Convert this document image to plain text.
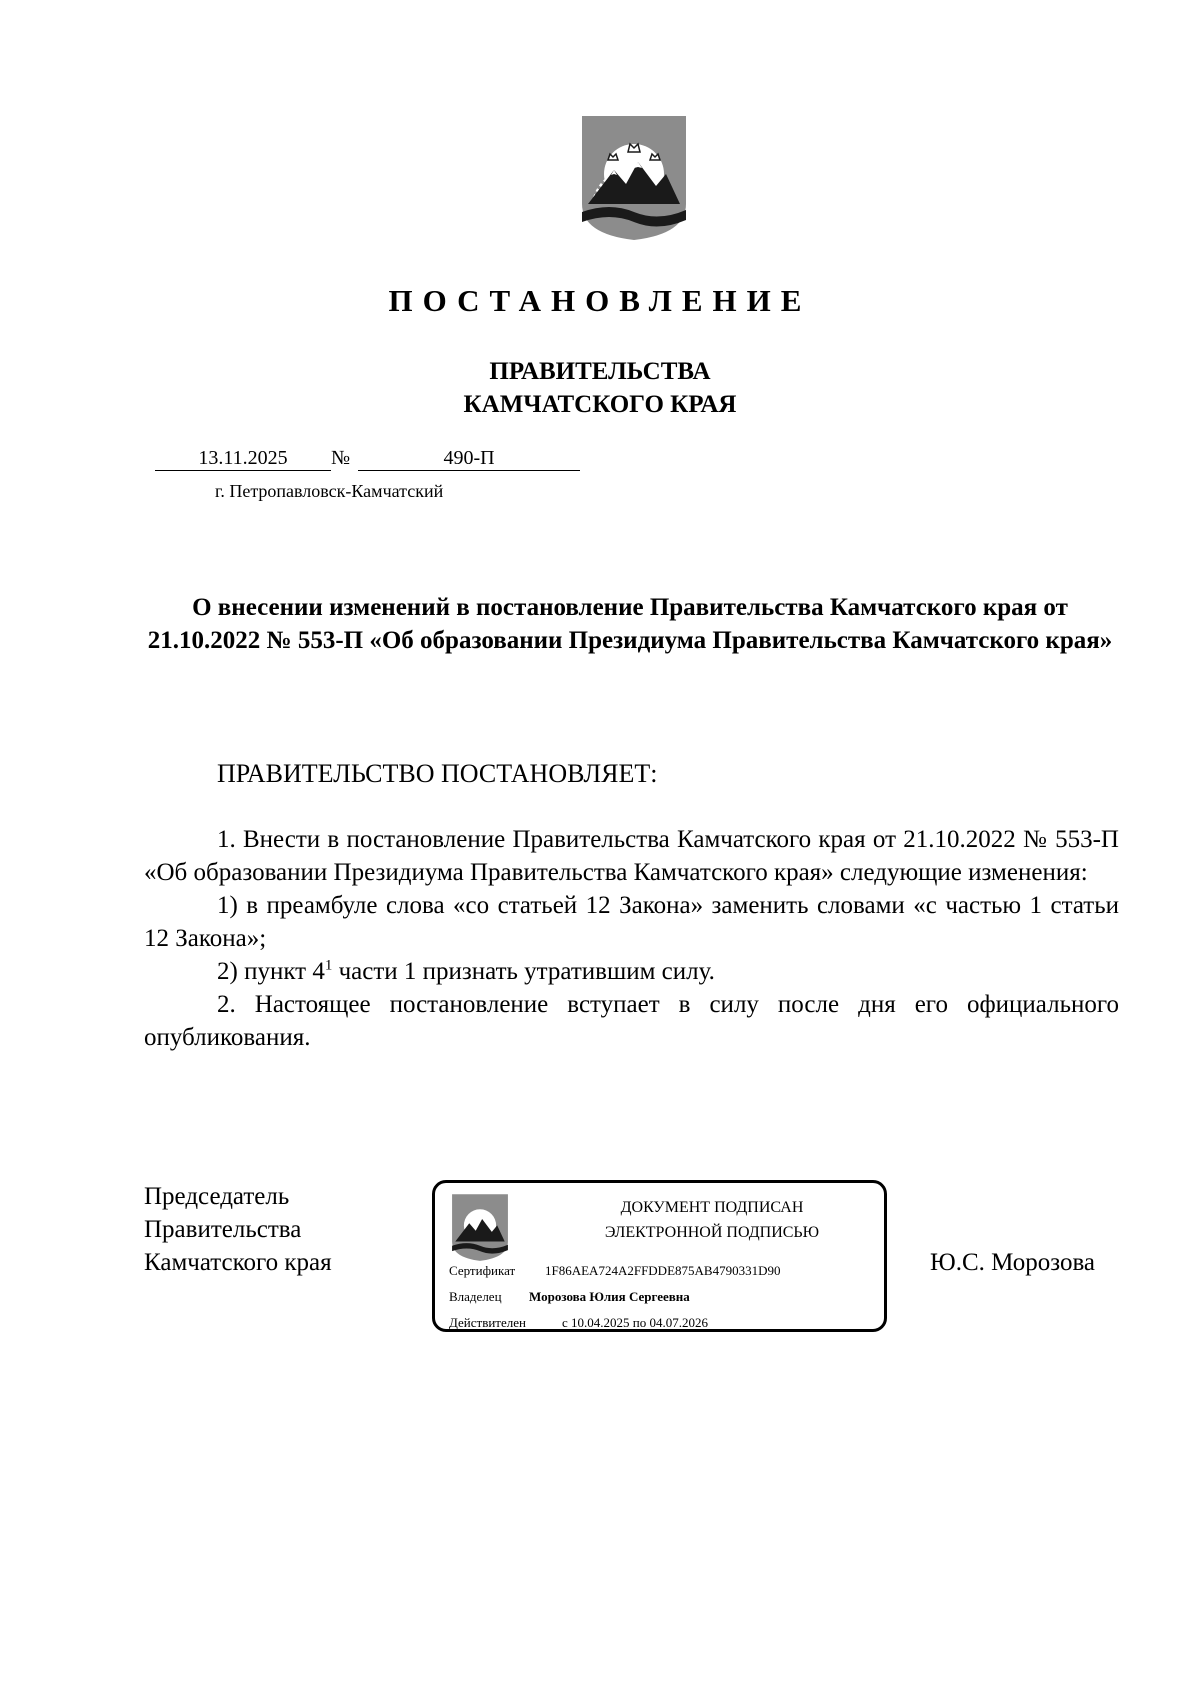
ПОСТАНОВЛЕНИЕ
ПРАВИТЕЛЬСТВА
КАМЧАТСКОГО КРАЯ
13.11.2025	№	490-П
г. Петропавловск-Камчатский
О внесении изменений в постановление Правительства Камчатского края от 21.10.2022 № 553-П «Об образовании Президиума Правительства Камчатского края»
ПРАВИТЕЛЬСТВО ПОСТАНОВЛЯЕТ:

1. Внести в постановление Правительства Камчатского края от 21.10.2022 № 553-П «Об образовании Президиума Правительства Камчатского края» следующие изменения:

1) в преамбуле слова «со статьей 12 Закона» заменить словами «с частью 1 статьи 12 Закона»;

2) пункт $4^1$ части 1 признать утратившим силу.

2. Настоящее постановление вступает в силу после дня его официального опубликования.

Председатель
Правительства
Камчатского края
ДОКУМЕНТ ПОДПИСАН
ЭЛЕКТРОННОЙ ПОДПИСЬЮ
Сертификат 1F86AEA724A2FFDDE875AB4790331D90
Владелец Морозова Юлия Сергеевна
Действителен	с 10.04.2025 по 04.07.2026
Ю.С. Морозова
